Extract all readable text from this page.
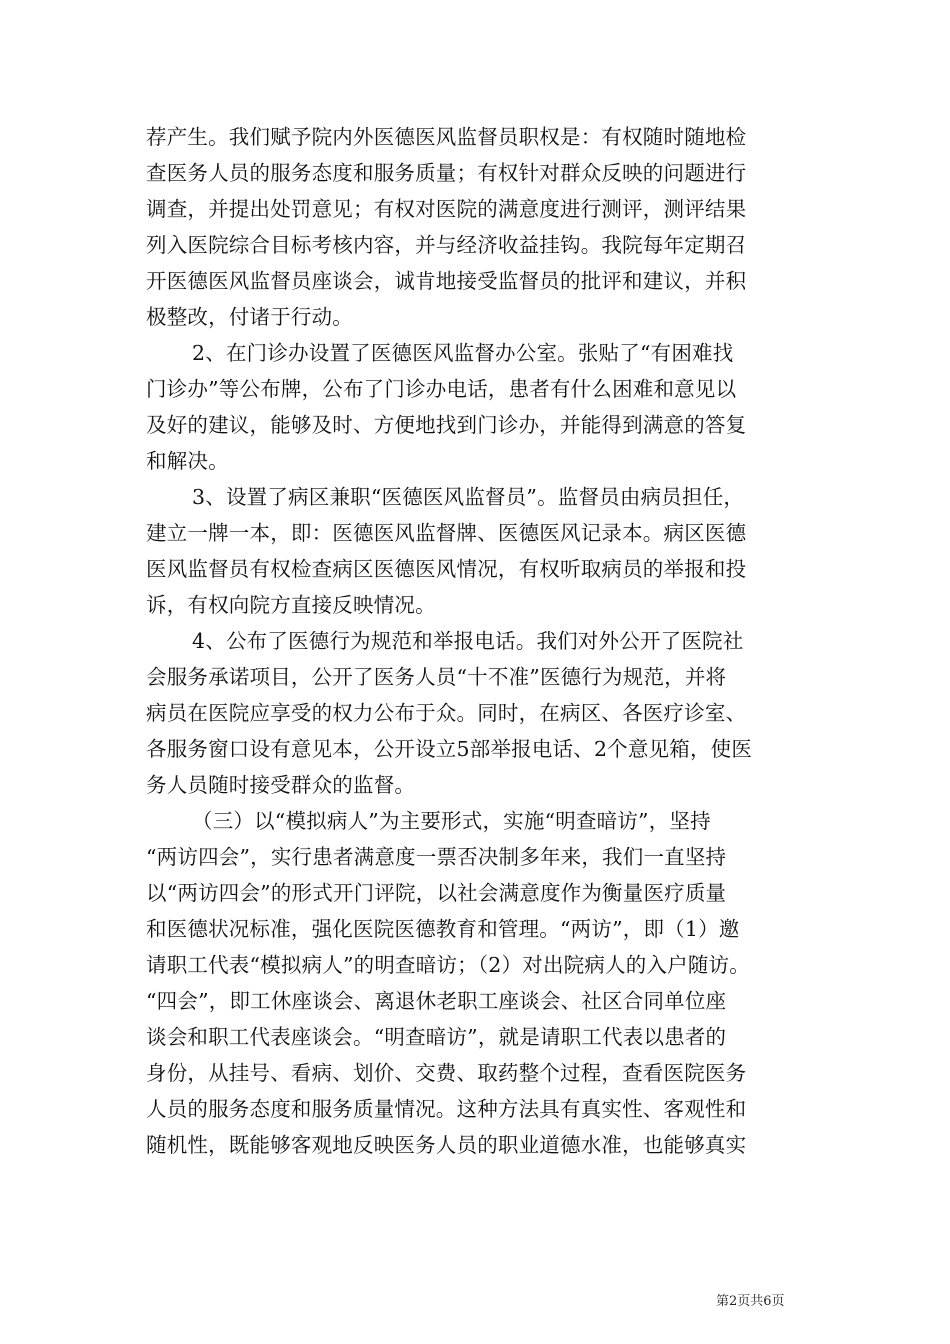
荐产生。我们赋予院内外医德医风监督员职权是：有权随时随地检
查医务人员的服务态度和服务质量；有权针对群众反映的问题进行
调查，并提出处罚意见；有权对医院的满意度进行测评，测评结果
列入医院综合目标考核内容，并与经济收益挂钩。我院每年定期召
开医德医风监督员座谈会，诚肯地接受监督员的批评和建议，并积
极整改，付诸于行动。
2、在门诊办设置了医德医风监督办公室。张贴了“有困难找
门诊办”等公布牌，公布了门诊办电话，患者有什么困难和意见以
及好的建议，能够及时、方便地找到门诊办，并能得到满意的答复
和解决。
3、设置了病区兼职“医德医风监督员”。监督员由病员担任，
建立一牌一本，即：医德医风监督牌、医德医风记录本。病区医德
医风监督员有权检查病区医德医风情况，有权听取病员的举报和投
诉，有权向院方直接反映情况。
4、公布了医德行为规范和举报电话。我们对外公开了医院社
会服务承诺项目，公开了医务人员“十不准”医德行为规范，并将
病员在医院应享受的权力公布于众。同时，在病区、各医疗诊室、
各服务窗口设有意见本，公开设立5部举报电话、2个意见箱，使医
务人员随时接受群众的监督。
（三）以“模拟病人”为主要形式，实施“明查暗访”，坚持
“两访四会”，实行患者满意度一票否决制多年来，我们一直坚持
以“两访四会”的形式开门评院，以社会满意度作为衡量医疗质量
和医德状况标准，强化医院医德教育和管理。“两访”，即（1）邀
请职工代表“模拟病人”的明查暗访；（2）对出院病人的入户随访。
“四会”，即工休座谈会、离退休老职工座谈会、社区合同单位座
谈会和职工代表座谈会。“明查暗访”，就是请职工代表以患者的
身份，从挂号、看病、划价、交费、取药整个过程，查看医院医务
人员的服务态度和服务质量情况。这种方法具有真实性、客观性和
随机性，既能够客观地反映医务人员的职业道德水准，也能够真实
第2页共6页
